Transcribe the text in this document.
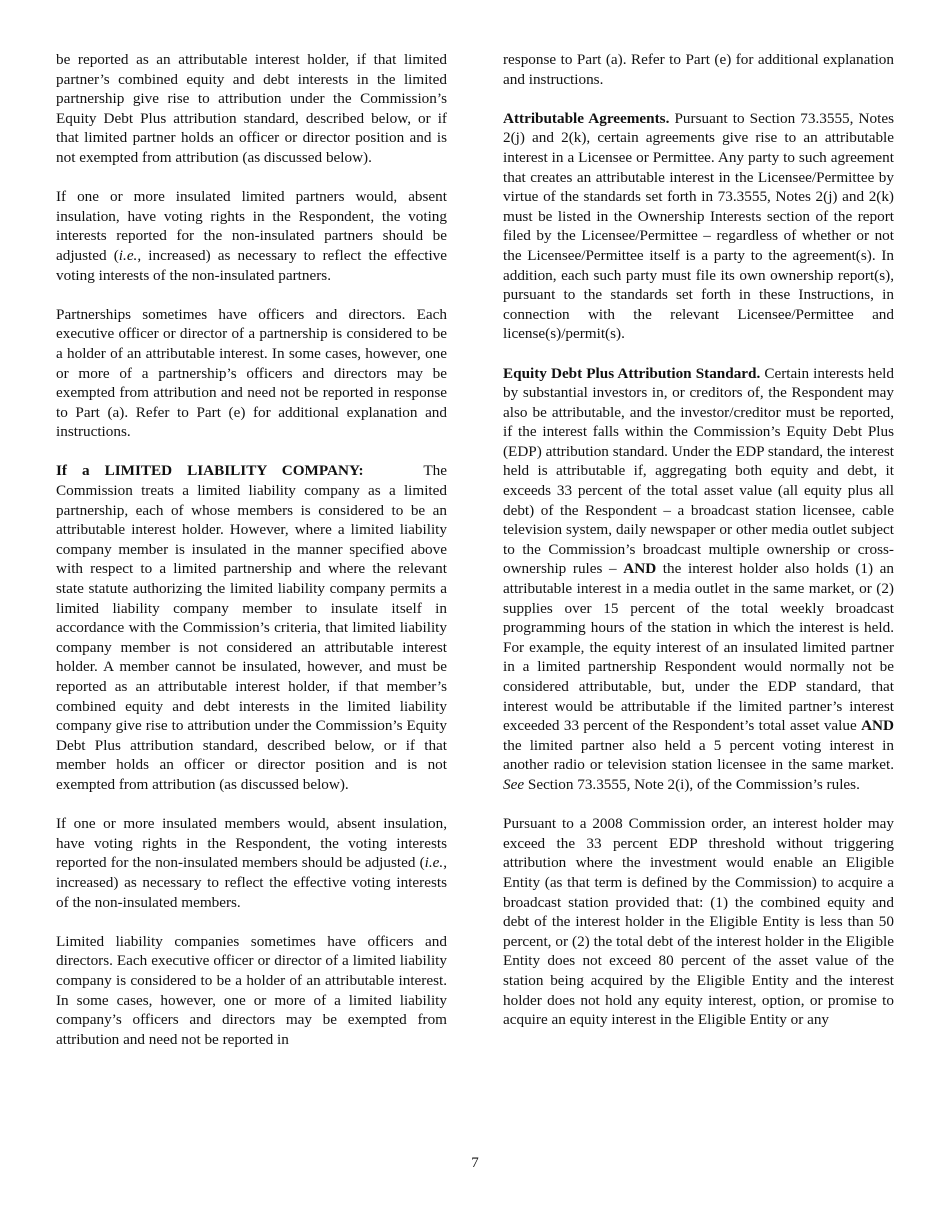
be reported as an attributable interest holder, if that limited partner’s combined equity and debt interests in the limited partnership give rise to attribution under the Commission’s Equity Debt Plus attribution standard, described below, or if that limited partner holds an officer or director position and is not exempted from attribution (as discussed below).

If one or more insulated limited partners would, absent insulation, have voting rights in the Respondent, the voting interests reported for the non-insulated partners should be adjusted (i.e., increased) as necessary to reflect the effective voting interests of the non-insulated partners.

Partnerships sometimes have officers and directors. Each executive officer or director of a partnership is considered to be a holder of an attributable interest. In some cases, however, one or more of a partnership’s officers and directors may be exempted from attribution and need not be reported in response to Part (a). Refer to Part (e) for additional explanation and instructions.

If a LIMITED LIABILITY COMPANY:	The Commission treats a limited liability company as a limited partnership, each of whose members is considered to be an attributable interest holder. However, where a limited liability company member is insulated in the manner specified above with respect to a limited partnership and where the relevant state statute authorizing the limited liability company permits a limited liability company member to insulate itself in accordance with the Commission’s criteria, that limited liability company member is not considered an attributable interest holder. A member cannot be insulated, however, and must be reported as an attributable interest holder, if that member’s combined equity and debt interests in the limited liability company give rise to attribution under the Commission’s Equity Debt Plus attribution standard, described below, or if that member holds an officer or director position and is not exempted from attribution (as discussed below).

If one or more insulated members would, absent insulation, have voting rights in the Respondent, the voting interests reported for the non-insulated members should be adjusted (i.e., increased) as necessary to reflect the effective voting interests of the non-insulated members.

Limited liability companies sometimes have officers and directors. Each executive officer or director of a limited liability company is considered to be a holder of an attributable interest. In some cases, however, one or more of a limited liability company’s officers and directors may be exempted from attribution and need not be reported in

response to Part (a). Refer to Part (e) for additional explanation and instructions.

Attributable Agreements. Pursuant to Section 73.3555, Notes 2(j) and 2(k), certain agreements give rise to an attributable interest in a Licensee or Permittee. Any party to such agreement that creates an attributable interest in the Licensee/Permittee by virtue of the standards set forth in 73.3555, Notes 2(j) and 2(k) must be listed in the Ownership Interests section of the report filed by the Licensee/Permittee – regardless of whether or not the Licensee/Permittee itself is a party to the agreement(s). In addition, each such party must file its own ownership report(s), pursuant to the standards set forth in these Instructions, in connection with the relevant Licensee/Permittee and license(s)/permit(s).

Equity Debt Plus Attribution Standard. Certain interests held by substantial investors in, or creditors of, the Respondent may also be attributable, and the investor/creditor must be reported, if the interest falls within the Commission’s Equity Debt Plus (EDP) attribution standard. Under the EDP standard, the interest held is attributable if, aggregating both equity and debt, it exceeds 33 percent of the total asset value (all equity plus all debt) of the Respondent – a broadcast station licensee, cable television system, daily newspaper or other media outlet subject to the Commission’s broadcast multiple ownership or cross-ownership rules – AND the interest holder also holds (1) an attributable interest in a media outlet in the same market, or (2) supplies over 15 percent of the total weekly broadcast programming hours of the station in which the interest is held. For example, the equity interest of an insulated limited partner in a limited partnership Respondent would normally not be considered attributable, but, under the EDP standard, that interest would be attributable if the limited partner’s interest exceeded 33 percent of the Respondent’s total asset value AND the limited partner also held a 5 percent voting interest in another radio or television station licensee in the same market. See Section 73.3555, Note 2(i), of the Commission’s rules.

Pursuant to a 2008 Commission order, an interest holder may exceed the 33 percent EDP threshold without triggering attribution where the investment would enable an Eligible Entity (as that term is defined by the Commission) to acquire a broadcast station provided that: (1) the combined equity and debt of the interest holder in the Eligible Entity is less than 50 percent, or (2) the total debt of the interest holder in the Eligible Entity does not exceed 80 percent of the asset value of the station being acquired by the Eligible Entity and the interest holder does not hold any equity interest, option, or promise to acquire an equity interest in the Eligible Entity or any

7
